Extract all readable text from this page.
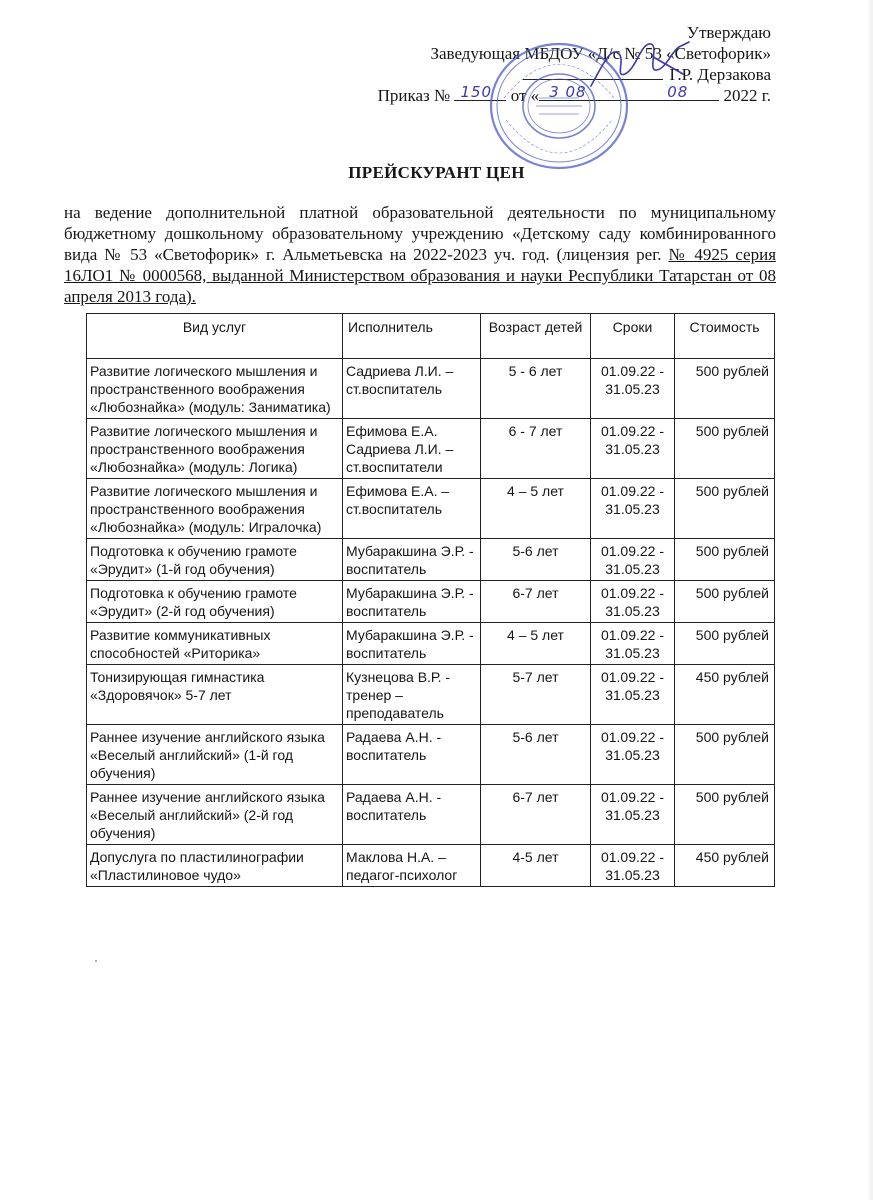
Утверждаю
Заведующая МБДОУ «Д/с № 53 «Светофорик»
Г.Р. Дерзакова
Приказ № 150 от « 3 08	08 2022 г.
ПРЕЙСКУРАНТ ЦЕН
на ведение дополнительной платной образовательной деятельности по муниципальному бюджетному дошкольному образовательному учреждению «Детскому саду комбинированного вида № 53 «Светофорик» г. Альметьевска на 2022-2023 уч. год. (лицензия рег. № 4925 серия 16ЛО1 № 0000568, выданной Министерством образования и науки Республики Татарстан от 08 апреля 2013 года).
Вид услуг	Исполнитель	Возраст детей	Сроки	Стоимость
Развитие логического мышления и пространственного воображения «Любознайка» (модуль: Заниматика)	Садриева Л.И. – ст.воспитатель	5 - 6 лет	01.09.22 - 31.05.23	500 рублей
Развитие логического мышления и пространственного воображения «Любознайка» (модуль: Логика)	Ефимова Е.А. Садриева Л.И. – ст.воспитатели	6 - 7 лет	01.09.22 - 31.05.23	500 рублей
Развитие логического мышления и пространственного воображения «Любознайка» (модуль: Игралочка)	Ефимова Е.А. – ст.воспитатель	4 – 5 лет	01.09.22 - 31.05.23	500 рублей
Подготовка к обучению грамоте «Эрудит» (1-й год обучения)	Мубаракшина Э.Р. - воспитатель	5-6 лет	01.09.22 - 31.05.23	500 рублей
Подготовка к обучению грамоте «Эрудит» (2-й год обучения)	Мубаракшина Э.Р. - воспитатель	6-7 лет	01.09.22 - 31.05.23	500 рублей
Развитие коммуникативных способностей «Риторика»	Мубаракшина Э.Р. - воспитатель	4 – 5 лет	01.09.22 - 31.05.23	500 рублей
Тонизирующая гимнастика «Здоровячок» 5-7 лет	Кузнецова В.Р. - тренер – преподаватель	5-7 лет	01.09.22 - 31.05.23	450 рублей
Раннее изучение английского языка «Веселый английский» (1-й год обучения)	Радаева А.Н. - воспитатель	5-6 лет	01.09.22 - 31.05.23	500 рублей
Раннее изучение английского языка «Веселый английский» (2-й год обучения)	Радаева А.Н. - воспитатель	6-7 лет	01.09.22 - 31.05.23	500 рублей
Допуслуга по пластилинографии «Пластилиновое чудо»	Маклова Н.А. – педагог-психолог	4-5 лет	01.09.22 - 31.05.23	450 рублей
